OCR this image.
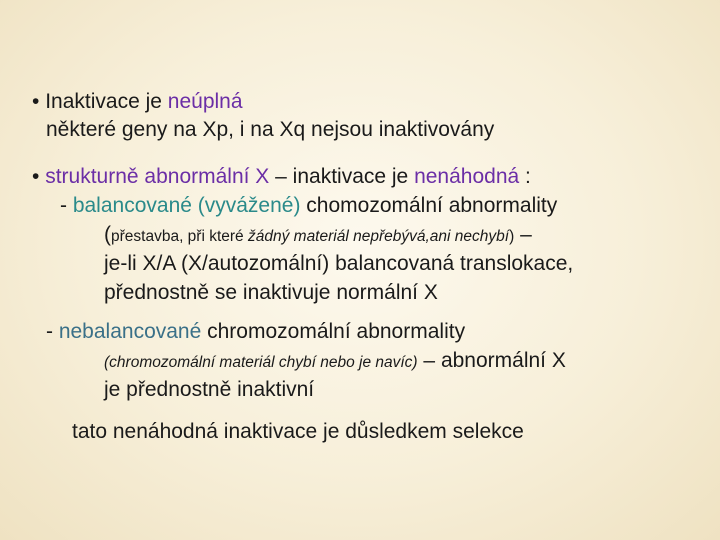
• Inaktivace je neúplná
některé geny na Xp, i na Xq nejsou inaktivovány
• strukturně abnormální X – inaktivace je nenáhodná :
- balancované (vyvážené) chomozomální abnormality
(přestavba, při které žádný materiál nepřebývá,ani nechybí) –
je-li X/A (X/autozomální) balancovaná translokace,
přednostně se inaktivuje normální X
- nebalancované chromozomální abnormality
(chromozomální materiál chybí nebo je navíc) – abnormální X
je přednostně inaktivní
tato nenáhodná inaktivace je důsledkem selekce
